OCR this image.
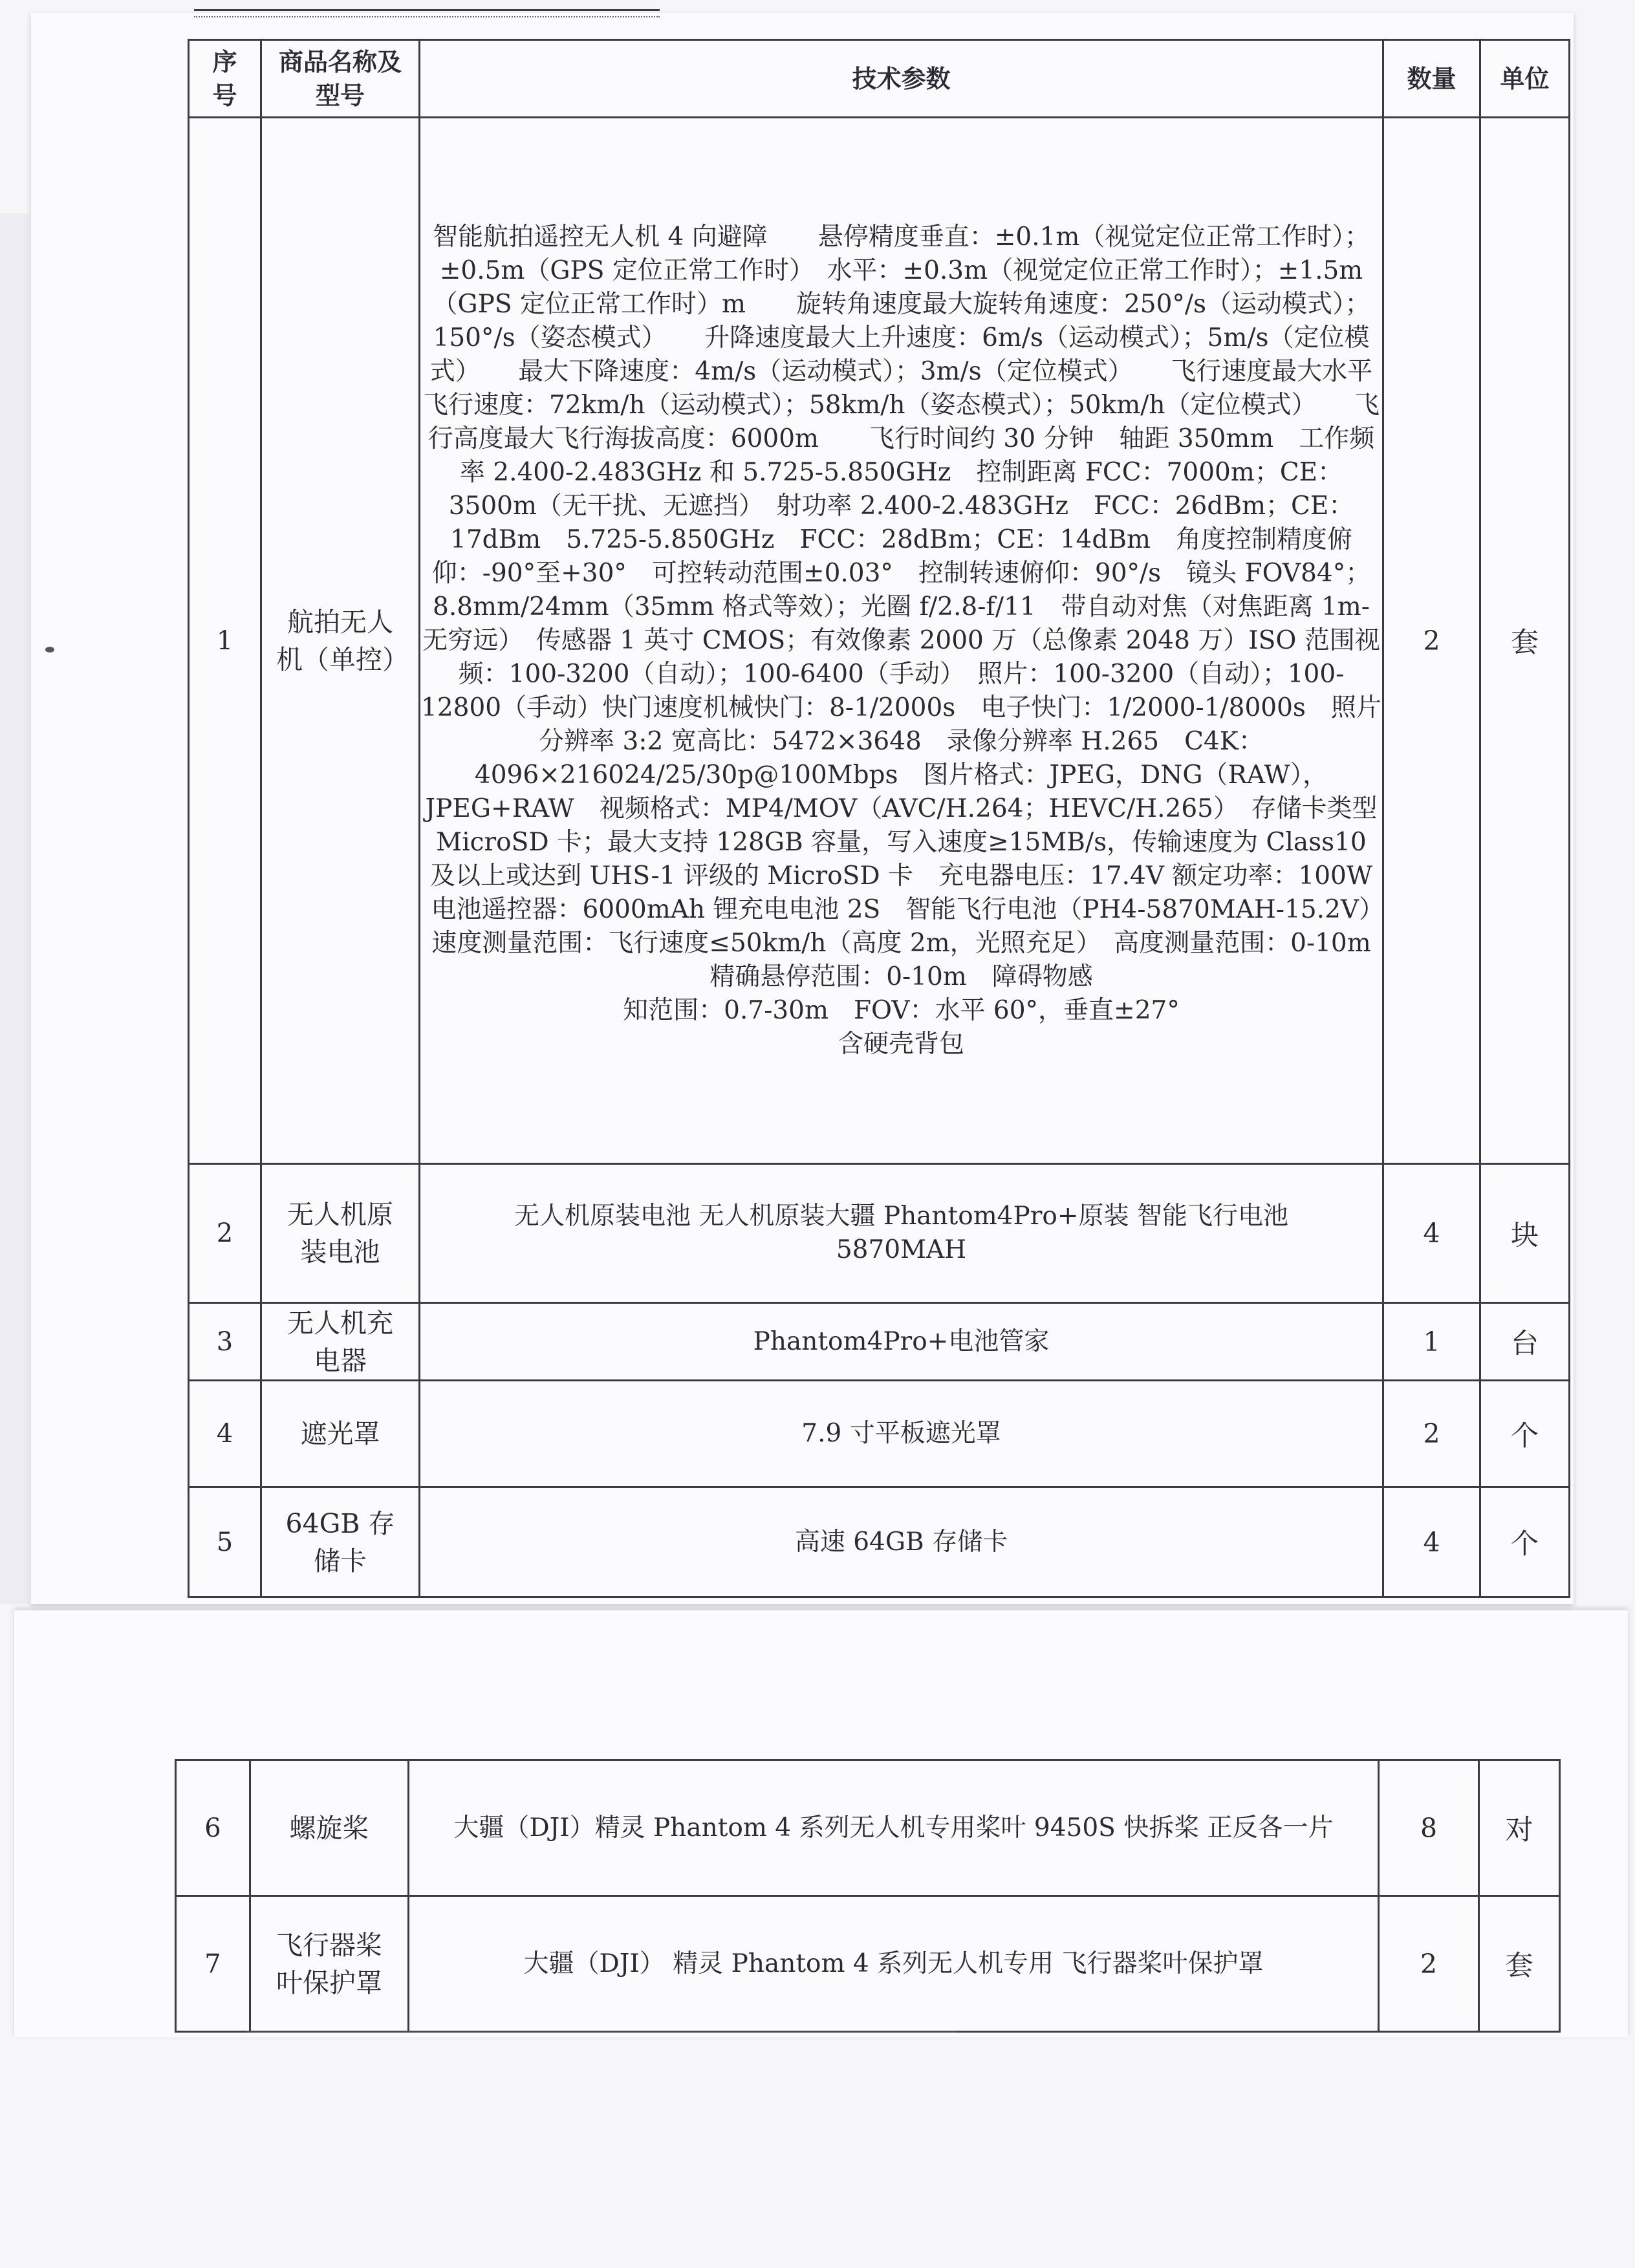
序号	商品名称及型号	技术参数	数量	单位
1	航拍无人机（单控）	智能航拍遥控无人机 4 向避障　　悬停精度垂直：±0.1m（视觉定位正常工作时）；±0.5m（GPS 定位正常工作时）　水平：±0.3m（视觉定位正常工作时）；±1.5m（GPS 定位正常工作时）m　　旋转角速度最大旋转角速度：250°/s（运动模式）；150°/s（姿态模式）　　升降速度最大上升速度：6m/s（运动模式）；5m/s（定位模式）　　最大下降速度：4m/s（运动模式）；3m/s（定位模式）　　飞行速度最大水平飞行速度：72km/h（运动模式）；58km/h（姿态模式）；50km/h（定位模式）　　飞行高度最大飞行海拔高度：6000m　　飞行时间约 30 分钟　轴距 350mm　工作频率 2.400-2.483GHz 和 5.725-5.850GHz　控制距离 FCC：7000m；CE：3500m（无干扰、无遮挡）　射功率 2.400-2.483GHz　FCC：26dBm；CE：17dBm　5.725-5.850GHz　FCC：28dBm；CE：14dBm　角度控制精度俯仰：-90°至+30°　可控转动范围±0.03°　控制转速俯仰：90°/s　镜头 FOV84°；8.8mm/24mm（35mm 格式等效）；光圈 f/2.8-f/11　带自动对焦（对焦距离 1m-无穷远）　传感器 1 英寸 CMOS；有效像素 2000 万（总像素 2048 万）ISO 范围视频：100-3200（自动）；100-6400（手动）　照片：100-3200（自动）；100-12800（手动）快门速度机械快门：8-1/2000s　电子快门：1/2000-1/8000s　照片分辨率 3:2 宽高比：5472×3648　录像分辨率 H.265　C4K：4096×216024/25/30p@100Mbps　图片格式：JPEG，DNG（RAW），JPEG+RAW　视频格式：MP4/MOV（AVC/H.264；HEVC/H.265）　存储卡类型 MicroSD 卡；最大支持 128GB 容量，写入速度≥15MB/s，传输速度为 Class10 及以上或达到 UHS-1 评级的 MicroSD 卡　充电器电压：17.4V 额定功率：100W　电池遥控器：6000mAh 锂充电电池 2S　智能飞行电池（PH4-5870MAH-15.2V）　速度测量范围：飞行速度≤50km/h（高度 2m，光照充足）　高度测量范围：0-10m　精确悬停范围：0-10m　障碍物感
知范围：0.7-30m　FOV：水平 60°，垂直±27°
含硬壳背包	2	套
2	无人机原装电池	无人机原装电池 无人机原装大疆 Phantom4Pro+原装 智能飞行电池 5870MAH	4	块
3	无人机充电器	Phantom4Pro+电池管家	1	台
4	遮光罩	7.9 寸平板遮光罩	2	个
5	64GB 存储卡	高速 64GB 存储卡	4	个
6	螺旋桨	大疆（DJI）精灵 Phantom 4 系列无人机专用桨叶 9450S 快拆桨 正反各一片	8	对
7	飞行器桨叶保护罩	大疆（DJI） 精灵 Phantom 4 系列无人机专用 飞行器桨叶保护罩	2	套
